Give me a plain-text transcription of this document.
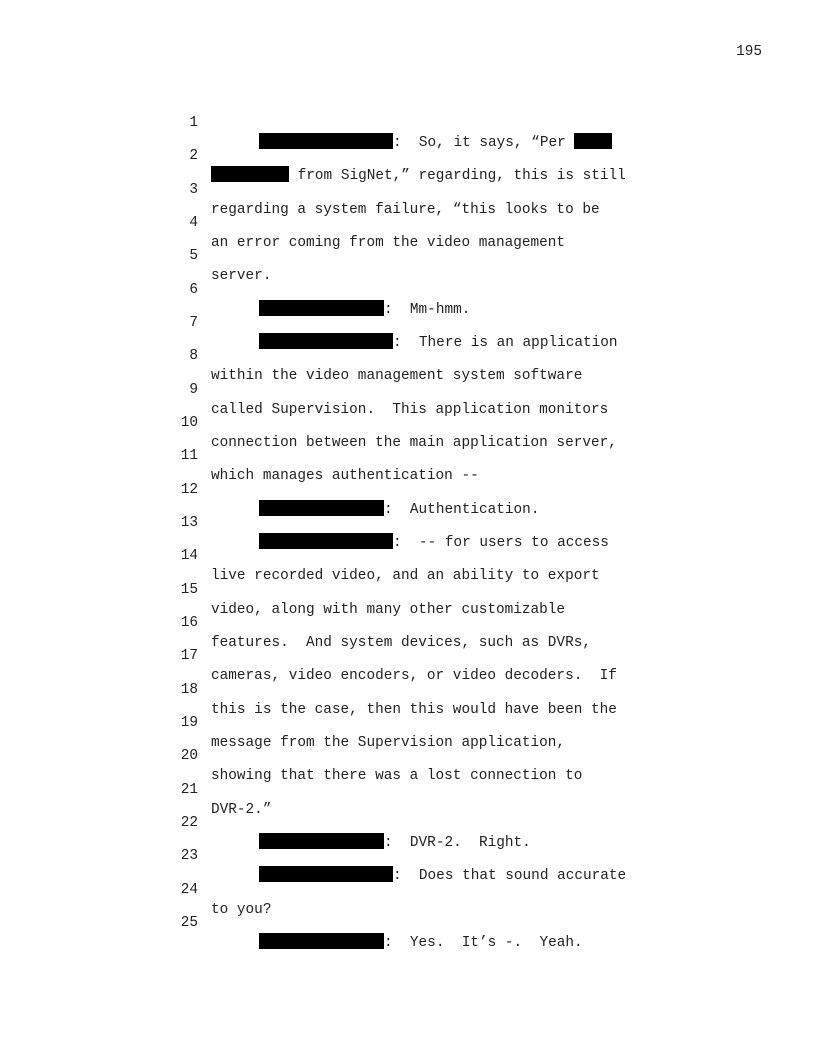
195

1

:  So, it says, “Per

2

from SigNet,” regarding, this is still

3

regarding a system failure, “this looks to be

4

an error coming from the video management

5

server.

6

:  Mm-hmm.

7

:  There is an application

8

within the video management system software

9

called Supervision.  This application monitors

10

connection between the main application server,

11

which manages authentication --

12

:  Authentication.

13

:  -- for users to access

14

live recorded video, and an ability to export

15

video, along with many other customizable

16

features.  And system devices, such as DVRs,

17

cameras, video encoders, or video decoders.  If

18

this is the case, then this would have been the

19

message from the Supervision application,

20

showing that there was a lost connection to

21

DVR-2.”

22

:  DVR-2.  Right.

23

:  Does that sound accurate

24

to you?

25

:  Yes.  It’s -.  Yeah.
